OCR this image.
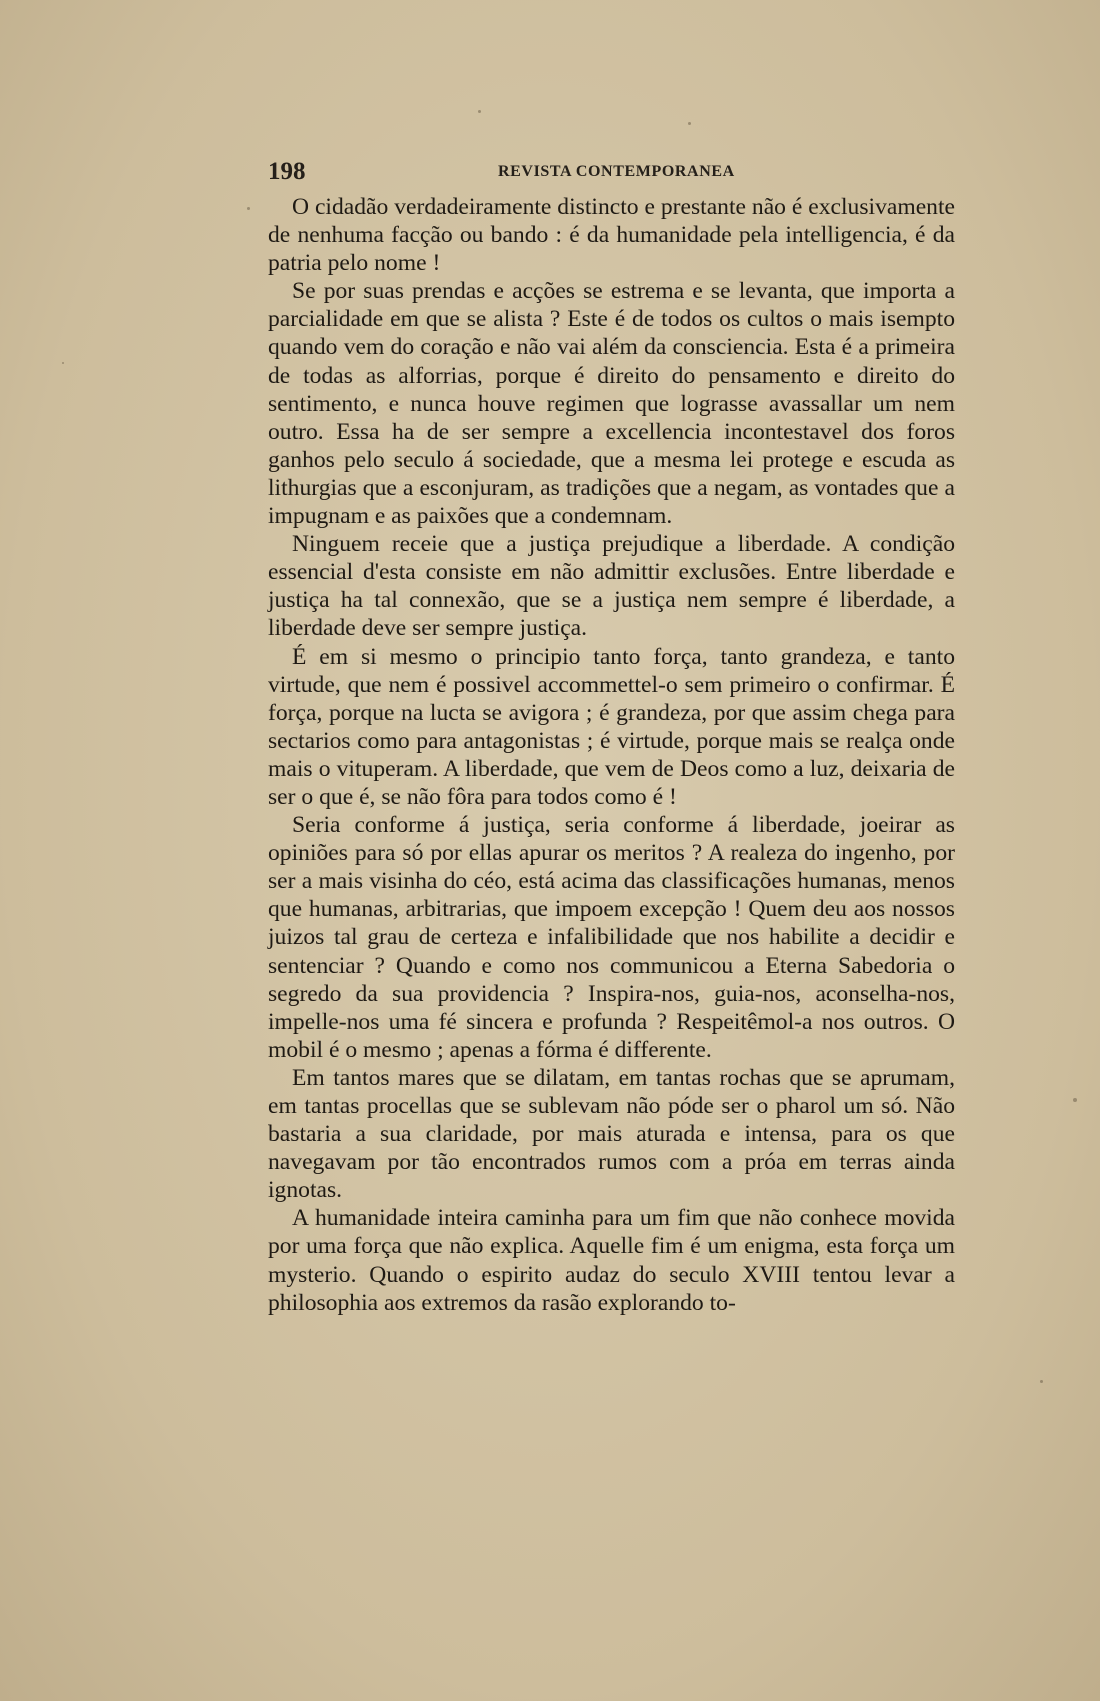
198	REVISTA CONTEMPORANEA

O cidadão verdadeiramente distincto e prestante não é exclusivamente de nenhuma facção ou bando : é da humanidade pela intelligencia, é da patria pelo nome !

Se por suas prendas e acções se estrema e se levanta, que importa a parcialidade em que se alista ? Este é de todos os cultos o mais isempto quando vem do coração e não vai além da consciencia. Esta é a primeira de todas as alforrias, porque é direito do pensamento e direito do sentimento, e nunca houve regimen que lograsse avassallar um nem outro. Essa ha de ser sempre a excellencia incontestavel dos foros ganhos pelo seculo á sociedade, que a mesma lei protege e escuda as lithurgias que a esconjuram, as tradições que a negam, as vontades que a impugnam e as paixões que a condemnam.

Ninguem receie que a justiça prejudique a liberdade. A condição essencial d'esta consiste em não admittir exclusões. Entre liberdade e justiça ha tal connexão, que se a justiça nem sempre é liberdade, a liberdade deve ser sempre justiça.

É em si mesmo o principio tanto força, tanto grandeza, e tanto virtude, que nem é possivel accommettel-o sem primeiro o confirmar. É força, porque na lucta se avigora ; é grandeza, por que assim chega para sectarios como para antagonistas ; é virtude, porque mais se realça onde mais o vituperam. A liberdade, que vem de Deos como a luz, deixaria de ser o que é, se não fôra para todos como é !

Seria conforme á justiça, seria conforme á liberdade, joeirar as opiniões para só por ellas apurar os meritos ? A realeza do ingenho, por ser a mais visinha do céo, está acima das classificações humanas, menos que humanas, arbitrarias, que impoem excepção ! Quem deu aos nossos juizos tal grau de certeza e infalibilidade que nos habilite a decidir e sentenciar ? Quando e como nos communicou a Eterna Sabedoria o segredo da sua providencia ? Inspira-nos, guia-nos, aconselha-nos, impelle-nos uma fé sincera e profunda ? Respeitêmol-a nos outros. O mobil é o mesmo ; apenas a fórma é differente.

Em tantos mares que se dilatam, em tantas rochas que se aprumam, em tantas procellas que se sublevam não póde ser o pharol um só. Não bastaria a sua claridade, por mais aturada e intensa, para os que navegavam por tão encontrados rumos com a próa em terras ainda ignotas.

A humanidade inteira caminha para um fim que não conhece movida por uma força que não explica. Aquelle fim é um enigma, esta força um mysterio. Quando o espirito audaz do seculo XVIII tentou levar a philosophia aos extremos da rasão explorando to-
